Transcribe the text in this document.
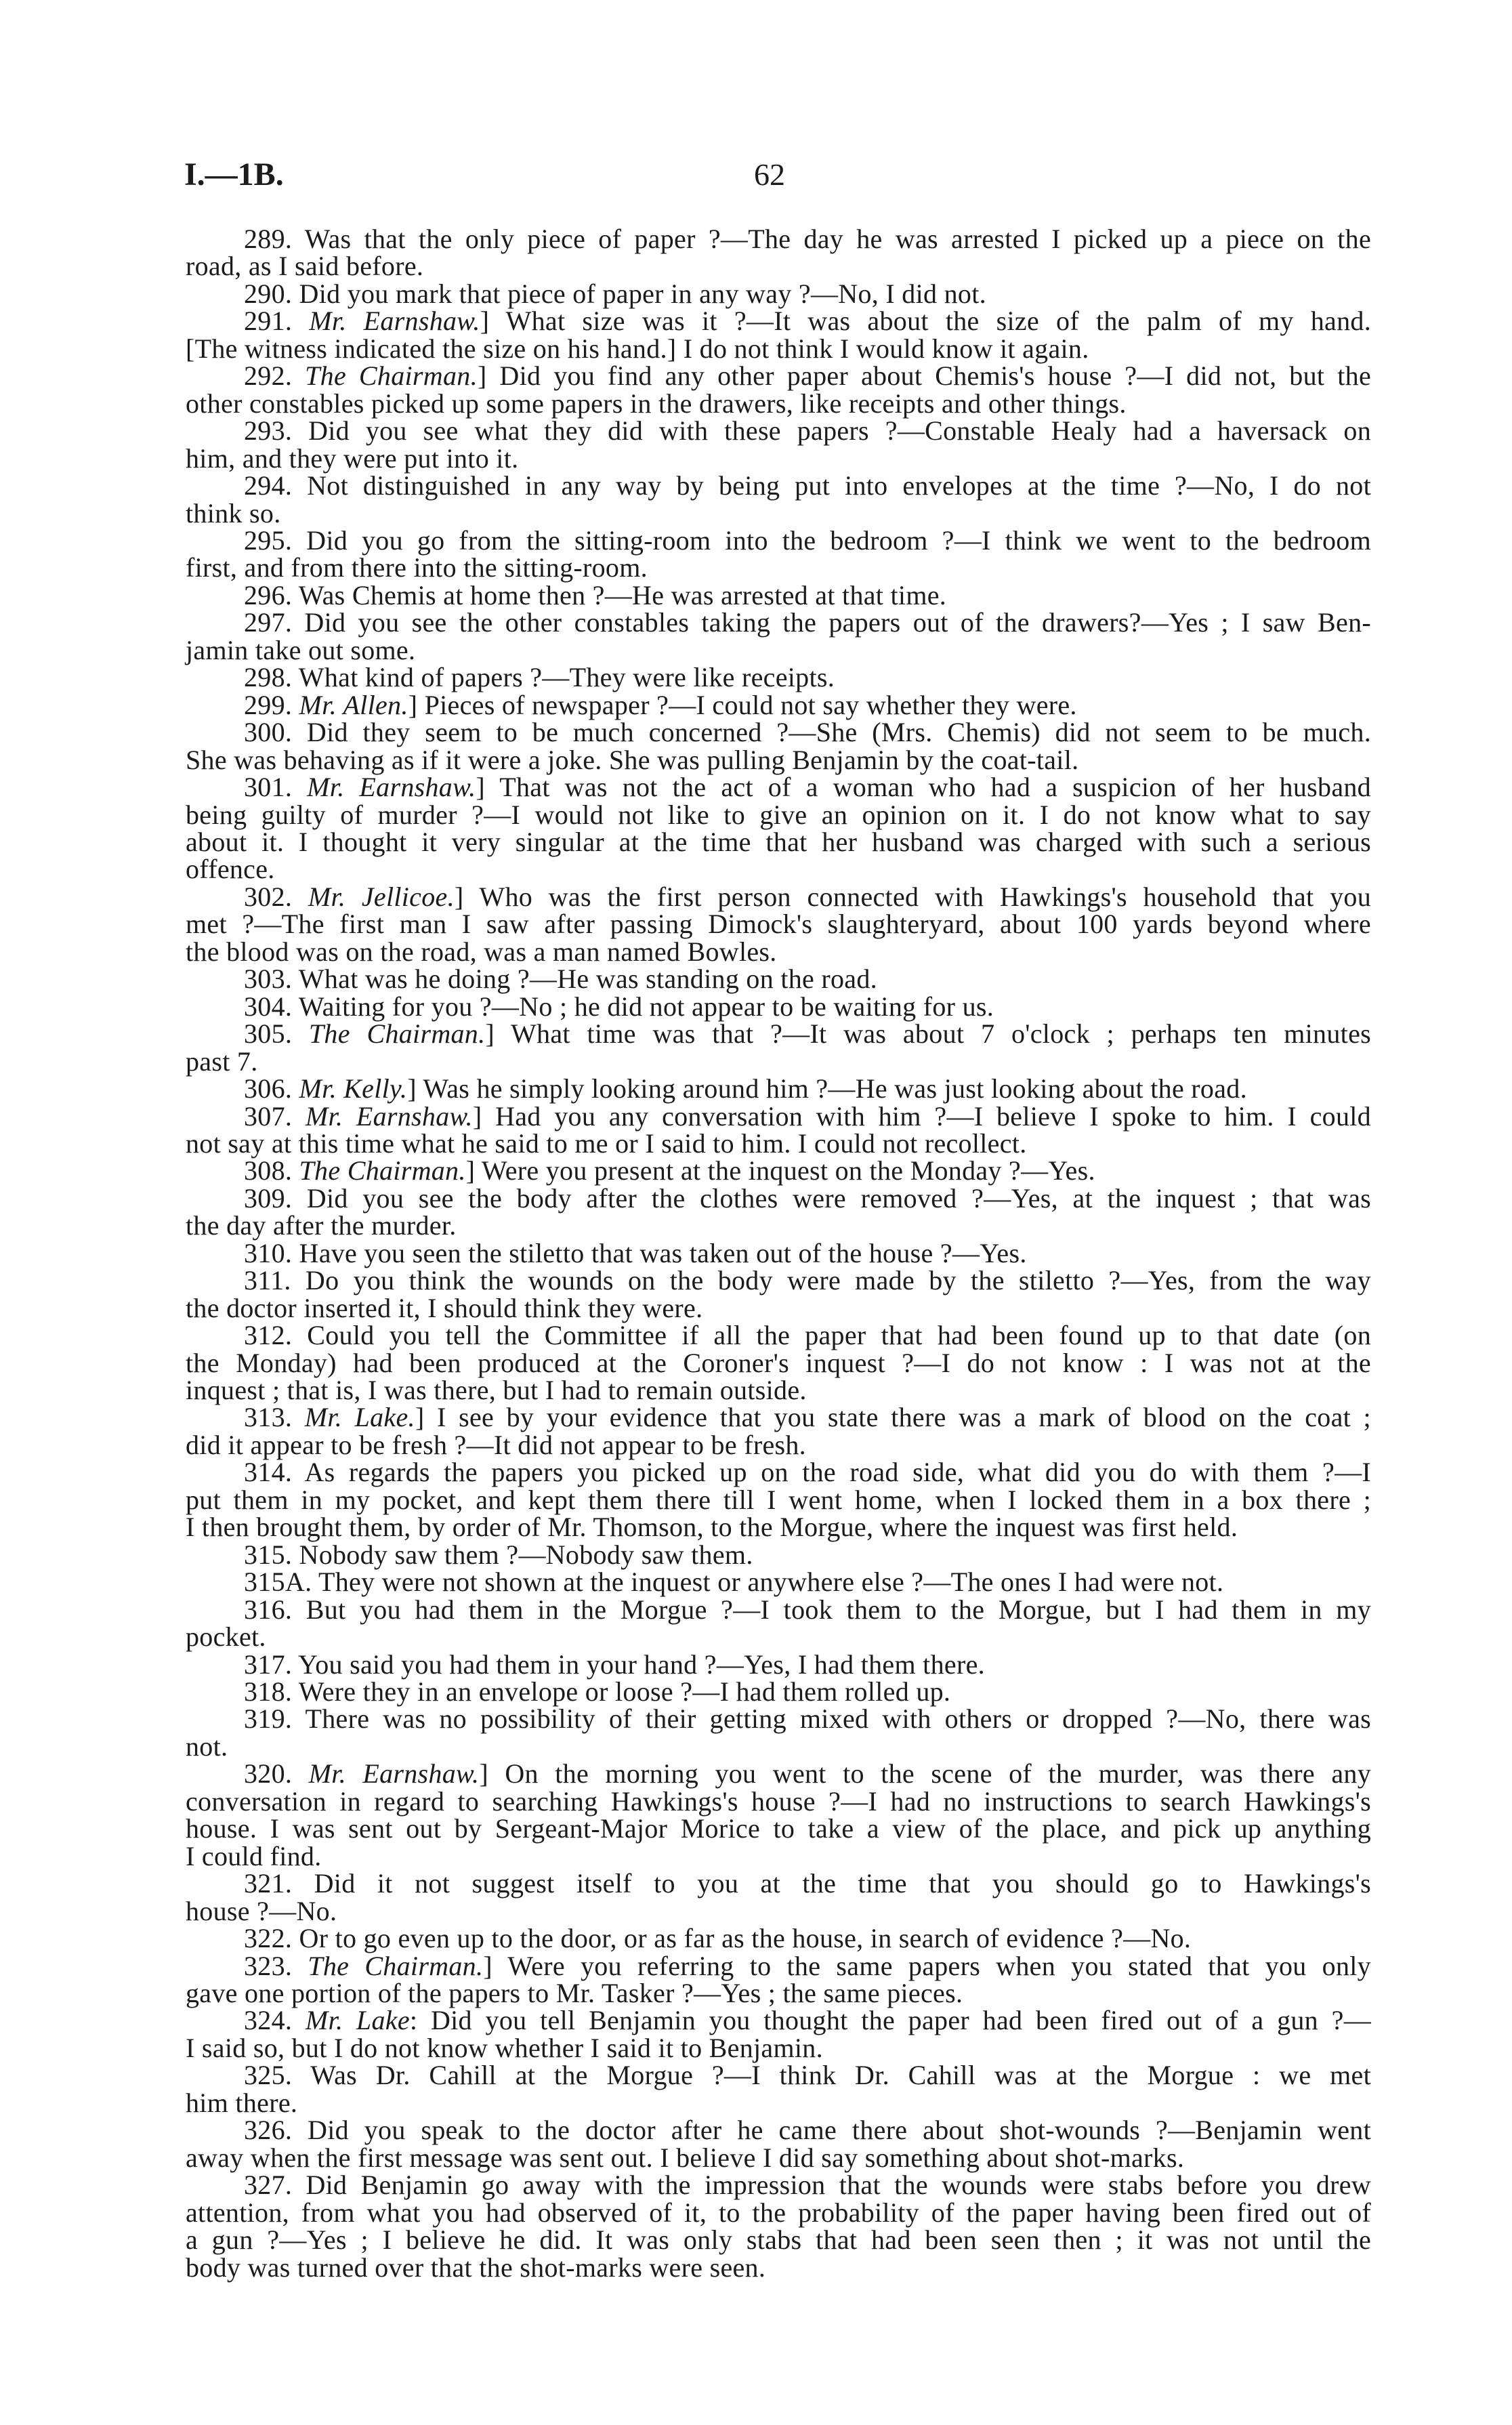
I.—1B.	62
289. Was that the only piece of paper ?—The day he was arrested I picked up a piece on the
road, as I said before.
290. Did you mark that piece of paper in any way ?—No, I did not.
291. Mr. Earnshaw.] What size was it ?—It was about the size of the palm of my hand.
[The witness indicated the size on his hand.] I do not think I would know it again.
292. The Chairman.] Did you find any other paper about Chemis's house ?—I did not, but the
other constables picked up some papers in the drawers, like receipts and other things.
293. Did you see what they did with these papers ?—Constable Healy had a haversack on
him, and they were put into it.
294. Not distinguished in any way by being put into envelopes at the time ?—No, I do not
think so.
295. Did you go from the sitting-room into the bedroom ?—I think we went to the bedroom
first, and from there into the sitting-room.
296. Was Chemis at home then ?—He was arrested at that time.
297. Did you see the other constables taking the papers out of the drawers?—Yes ; I saw Ben-
jamin take out some.
298. What kind of papers ?—They were like receipts.
299. Mr. Allen.] Pieces of newspaper ?—I could not say whether they were.
300. Did they seem to be much concerned ?—She (Mrs. Chemis) did not seem to be much.
She was behaving as if it were a joke. She was pulling Benjamin by the coat-tail.
301. Mr. Earnshaw.] That was not the act of a woman who had a suspicion of her husband
being guilty of murder ?—I would not like to give an opinion on it. I do not know what to say
about it. I thought it very singular at the time that her husband was charged with such a serious
offence.
302. Mr. Jellicoe.] Who was the first person connected with Hawkings's household that you
met ?—The first man I saw after passing Dimock's slaughteryard, about 100 yards beyond where
the blood was on the road, was a man named Bowles.
303. What was he doing ?—He was standing on the road.
304. Waiting for you ?—No ; he did not appear to be waiting for us.
305. The Chairman.] What time was that ?—It was about 7 o'clock ; perhaps ten minutes
past 7.
306. Mr. Kelly.] Was he simply looking around him ?—He was just looking about the road.
307. Mr. Earnshaw.] Had you any conversation with him ?—I believe I spoke to him. I could
not say at this time what he said to me or I said to him. I could not recollect.
308. The Chairman.] Were you present at the inquest on the Monday ?—Yes.
309. Did you see the body after the clothes were removed ?—Yes, at the inquest ; that was
the day after the murder.
310. Have you seen the stiletto that was taken out of the house ?—Yes.
311. Do you think the wounds on the body were made by the stiletto ?—Yes, from the way
the doctor inserted it, I should think they were.
312. Could you tell the Committee if all the paper that had been found up to that date (on
the Monday) had been produced at the Coroner's inquest ?—I do not know : I was not at the
inquest ; that is, I was there, but I had to remain outside.
313. Mr. Lake.] I see by your evidence that you state there was a mark of blood on the coat ;
did it appear to be fresh ?—It did not appear to be fresh.
314. As regards the papers you picked up on the road side, what did you do with them ?—I
put them in my pocket, and kept them there till I went home, when I locked them in a box there ;
I then brought them, by order of Mr. Thomson, to the Morgue, where the inquest was first held.
315. Nobody saw them ?—Nobody saw them.
315A. They were not shown at the inquest or anywhere else ?—The ones I had were not.
316. But you had them in the Morgue ?—I took them to the Morgue, but I had them in my
pocket.
317. You said you had them in your hand ?—Yes, I had them there.
318. Were they in an envelope or loose ?—I had them rolled up.
319. There was no possibility of their getting mixed with others or dropped ?—No, there was
not.
320. Mr. Earnshaw.] On the morning you went to the scene of the murder, was there any
conversation in regard to searching Hawkings's house ?—I had no instructions to search Hawkings's
house. I was sent out by Sergeant-Major Morice to take a view of the place, and pick up anything
I could find.
321. Did it not suggest itself to you at the time that you should go to Hawkings's
house ?—No.
322. Or to go even up to the door, or as far as the house, in search of evidence ?—No.
323. The Chairman.] Were you referring to the same papers when you stated that you only
gave one portion of the papers to Mr. Tasker ?—Yes ; the same pieces.
324. Mr. Lake: Did you tell Benjamin you thought the paper had been fired out of a gun ?—
I said so, but I do not know whether I said it to Benjamin.
325. Was Dr. Cahill at the Morgue ?—I think Dr. Cahill was at the Morgue : we met
him there.
326. Did you speak to the doctor after he came there about shot-wounds ?—Benjamin went
away when the first message was sent out. I believe I did say something about shot-marks.
327. Did Benjamin go away with the impression that the wounds were stabs before you drew
attention, from what you had observed of it, to the probability of the paper having been fired out of
a gun ?—Yes ; I believe he did. It was only stabs that had been seen then ; it was not until the
body was turned over that the shot-marks were seen.
